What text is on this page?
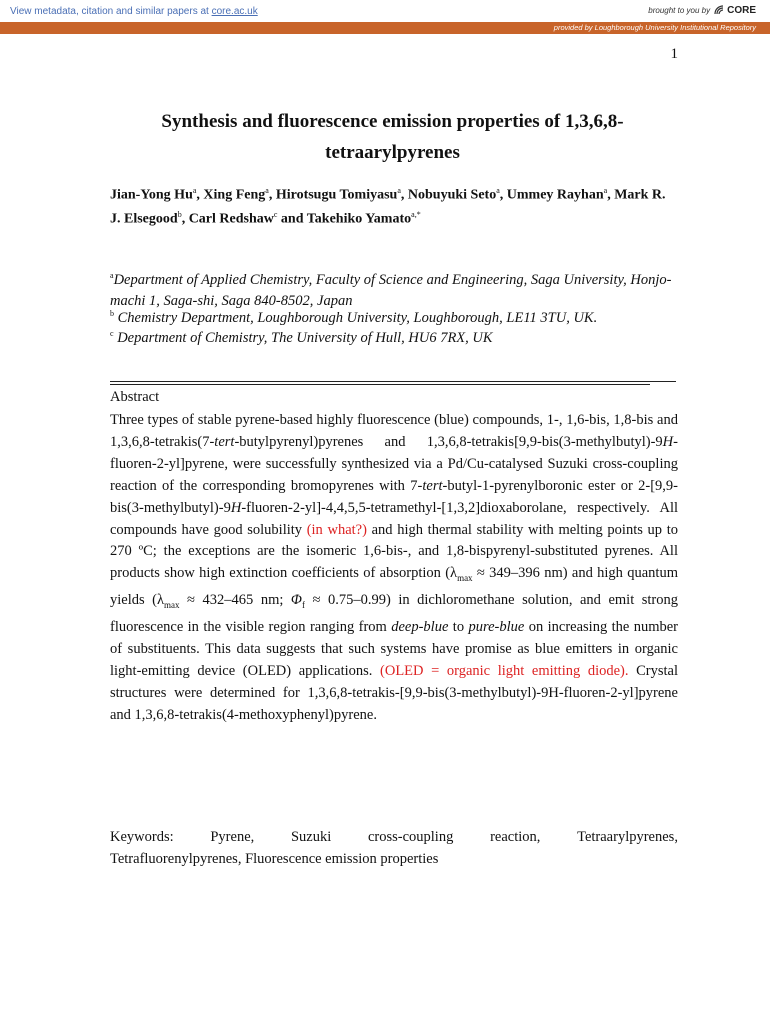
View metadata, citation and similar papers at core.ac.uk	brought to you by CORE
provided by Loughborough University Institutional Repository
1
Synthesis and fluorescence emission properties of 1,3,6,8-tetraarylpyrenes
Jian-Yong Hu$^a$, Xing Feng$^a$, Hirotsugu Tomiyasu$^a$, Nobuyuki Seto$^a$, Ummey Rayhan$^a$, Mark R. J. Elsegood$^b$, Carl Redshaw$^c$ and Takehiko Yamato$^{a,*}$
$^a$Department of Applied Chemistry, Faculty of Science and Engineering, Saga University, Honjo-machi 1, Saga-shi, Saga 840-8502, Japan
$^b$ Chemistry Department, Loughborough University, Loughborough, LE11 3TU, UK.
$^c$ Department of Chemistry, The University of Hull, HU6 7RX, UK
Abstract
Three types of stable pyrene-based highly fluorescence (blue) compounds, 1-, 1,6-bis, 1,8-bis and 1,3,6,8-tetrakis(7-tert-butylpyrenyl)pyrenes and 1,3,6,8-tetrakis[9,9-bis(3-methylbutyl)-9H-fluoren-2-yl]pyrene, were successfully synthesized via a Pd/Cu-catalysed Suzuki cross-coupling reaction of the corresponding bromopyrenes with 7-tert-butyl-1-pyrenylboronic ester or 2-[9,9-bis(3-methylbutyl)-9H-fluoren-2-yl]-4,4,5,5-tetramethyl-[1,3,2]dioxaborolane, respectively. All compounds have good solubility (in what?) and high thermal stability with melting points up to 270 ºC; the exceptions are the isomeric 1,6-bis-, and 1,8-bispyrenyl-substituted pyrenes. All products show high extinction coefficients of absorption ($\lambda_{max} \approx 349-396$ nm) and high quantum yields ($\lambda_{max} \approx 432-465$ nm; $\Phi_f \approx 0.75-0.99$) in dichloromethane solution, and emit strong fluorescence in the visible region ranging from deep-blue to pure-blue on increasing the number of substituents. This data suggests that such systems have promise as blue emitters in organic light-emitting device (OLED) applications. (OLED = organic light emitting diode). Crystal structures were determined for 1,3,6,8-tetrakis-[9,9-bis(3-methylbutyl)-9H-fluoren-2-yl]pyrene and 1,3,6,8-tetrakis(4-methoxyphenyl)pyrene.
Keywords:	Pyrene,	Suzuki	cross-coupling	reaction,	Tetraarylpyrenes,
Tetrafluorenylpyrenes, Fluorescence emission properties
